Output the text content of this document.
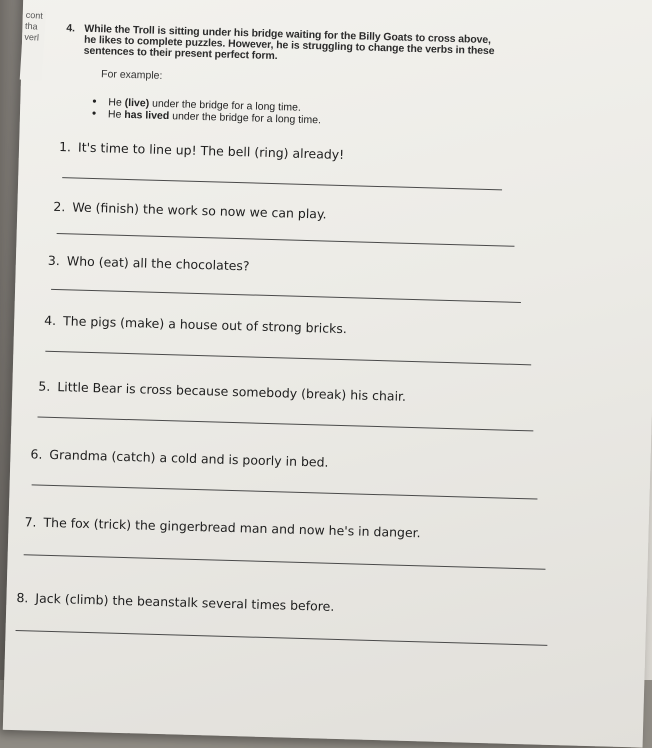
cont
tha
verl
4. While the Troll is sitting under his bridge waiting for the Billy Goats to cross above, he likes to complete puzzles. However, he is struggling to change the verbs in these sentences to their present perfect form.
For example:
• He (live) under the bridge for a long time.
• He has lived under the bridge for a long time.
1. It's time to line up! The bell (ring) already!
2. We (finish) the work so now we can play.
3. Who (eat) all the chocolates?
4. The pigs (make) a house out of strong bricks.
5. Little Bear is cross because somebody (break) his chair.
6. Grandma (catch) a cold and is poorly in bed.
7. The fox (trick) the gingerbread man and now he's in danger.
8. Jack (climb) the beanstalk several times before.
